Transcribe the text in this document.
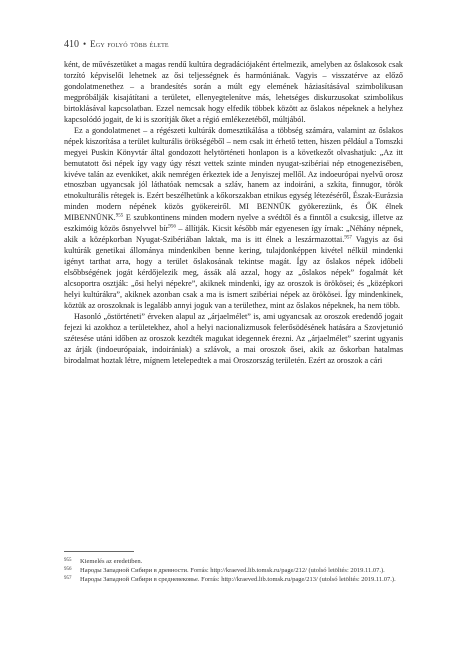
410 • Egy folyó több élete

ként, de művészetüket a magas rendű kultúra degradációjaként értelmezik, amelyben az őslakosok csak torzító képviselői lehetnek az ősi teljességnek és harmóniának. Vagyis – visszatérve az előző gondolatmenethez – a brandesítés során a múlt egy elemének háziasításával szimbolikusan megpróbálják kisajátítani a területet, ellenyegtelenítve más, lehetséges diskurzusokat szimbolikus birtoklásával kapcsolatban. Ezzel nemcsak hogy elfedik többek között az őslakos népeknek a helyhez kapcsolódó jogait, de ki is szorítják őket a régió emlékezetéből, múltjából.

Ez a gondolatmenet – a régészeti kultúrák domesztikálása a többség számára, valamint az őslakos népek kiszorítása a terület kulturális örökségéből – nem csak itt érhető tetten, hiszen például a Tomszki megyei Puskin Könyvtár által gondozott helytörténeti honlapon is a következőt olvashatjuk: „Az itt bemutatott ősi népek így vagy úgy részt vettek szinte minden nyugat-szibériai nép etnogenezisében, kivéve talán az evenkiket, akik nemrégen érkeztek ide a Jenyiszej mellől. Az indoeurópai nyelvű orosz etnoszban ugyancsak jól láthatóak nemcsak a szláv, hanem az indoiráni, a szkíta, finnugor, török etnokulturális rétegek is. Ezért beszélhetünk a kőkorszakban etnikus egység létezéséről, Észak-Eurázsia minden modern népének közös gyökereiről. MI BENNÜK gyökerezünk, és ŐK élnek MIBENNÜNK.$^{955}$ E szubkontinens minden modern nyelve a svédtől és a finntől a csukcsig, illetve az eszkimóig közös ősnyelvvel bír$^{956}$ – állítják. Kicsit később már egyenesen így írnak: „Néhány népnek, akik a középkorban Nyugat-Szibériában laktak, ma is itt élnek a leszármazottai.$^{957}$ Vagyis az ősi kultúrák genetikai állománya mindenkiben benne kering, tulajdonképpen kivétel nélkül mindenki igényt tarthat arra, hogy a terület őslakosának tekintse magát. Így az őslakos népek időbeli elsőbbségének jogát kérdőjelezik meg, ássák alá azzal, hogy az „őslakos népek” fogalmát két alcsoportra osztják: „ősi helyi népekre”, akiknek mindenki, így az oroszok is örökösei; és „középkori helyi kultúrákra”, akiknek azonban csak a ma is ismert szibériai népek az örökösei. Így mindenkinek, köztük az oroszoknak is legalább annyi joguk van a területhez, mint az őslakos népeknek, ha nem több.

Hasonló „östörténeti” érveken alapul az „árjaelmélet” is, ami ugyancsak az oroszok eredendő jogait fejezi ki azokhoz a területekhez, ahol a helyi nacionalizmusok felerősödésének hatására a Szovjetunió szétesése utáni időben az oroszok kezdték magukat idegennek érezni. Az „árjaelmélet” szerint ugyanis az árják (indoeurópaiak, indoirániak) a szlávok, a mai oroszok ősei, akik az őskorban hatalmas birodalmat hoztak létre, mígnem letelepedtek a mai Oroszország területén. Ezért az oroszok a cári

955 Kiemelés az eredetiben.
956 Народы Западной Сибири в древности. Forrás: http://kraeved.lib.tomsk.ru/page/212/ (utolsó letöltés: 2019.11.07.).
957 Народы Западной Сибири в средневековье. Forrás: http://kraeved.lib.tomsk.ru/page/213/ (utolsó letöltés: 2019.11.07.).
